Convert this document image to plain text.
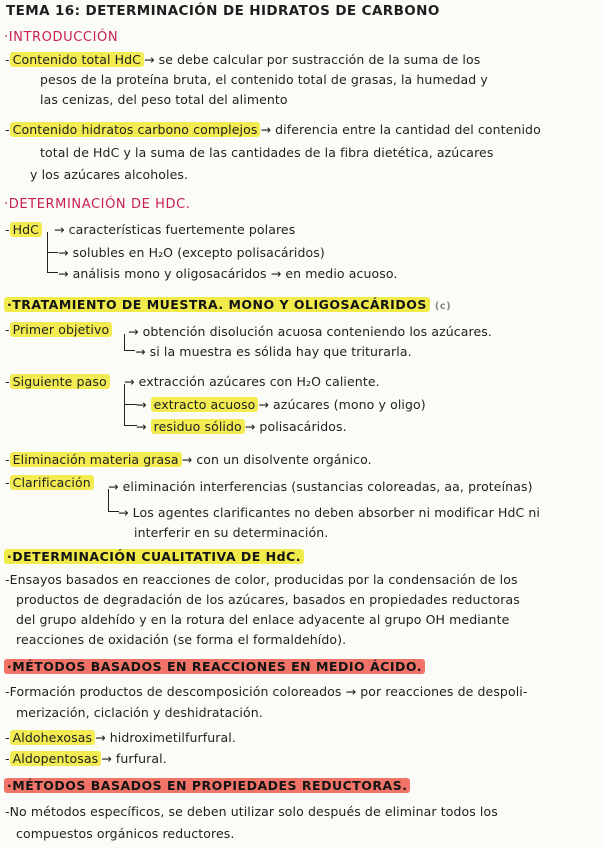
TEMA 16: DETERMINACIÓN DE HIDRATOS DE CARBONO
·INTRODUCCIÓN
- Contenido total HdC → se debe calcular por sustracción de la suma de los
pesos de la proteína bruta, el contenido total de grasas, la humedad y
las cenizas, del peso total del alimento
- Contenido hidratos carbono complejos → diferencia entre la cantidad del contenido
total de HdC y la suma de las cantidades de la fibra dietética, azúcares
y los azúcares alcoholes.
·DETERMINACIÓN DE HDC.
- HdC → características fuertemente polares
→ solubles en H₂O (excepto polisacáridos)
→ análisis mono y oligosacáridos → en medio acuoso.
·TRATAMIENTO DE MUESTRA. MONO Y OLIGOSACÁRIDOS (c)
- Primer objetivo → obtención disolución acuosa conteniendo los azúcares.
→ si la muestra es sólida hay que triturarla.
- Siguiente paso → extracción azúcares con H₂O caliente.
→ extracto acuoso → azúcares (mono y oligo)
→ residuo sólido → polisacáridos.
- Eliminación materia grasa → con un disolvente orgánico.
- Clarificación → eliminación interferencias (sustancias coloreadas, aa, proteínas)
→ Los agentes clarificantes no deben absorber ni modificar HdC ni
interferir en su determinación.
·DETERMINACIÓN CUALITATIVA DE HdC.
-Ensayos basados en reacciones de color, producidas por la condensación de los
productos de degradación de los azúcares, basados en propiedades reductoras
del grupo aldehído y en la rotura del enlace adyacente al grupo OH mediante
reacciones de oxidación (se forma el formaldehído).
·MÉTODOS BASADOS EN REACCIONES EN MEDIO ÁCIDO.
-Formación productos de descomposición coloreados → por reacciones de despoli-
merización, ciclación y deshidratación.
- Aldohexosas → hidroximetilfurfural.
- Aldopentosas → furfural.
·MÉTODOS BASADOS EN PROPIEDADES REDUCTORAS.
-No métodos específicos, se deben utilizar solo después de eliminar todos los
compuestos orgánicos reductores.
